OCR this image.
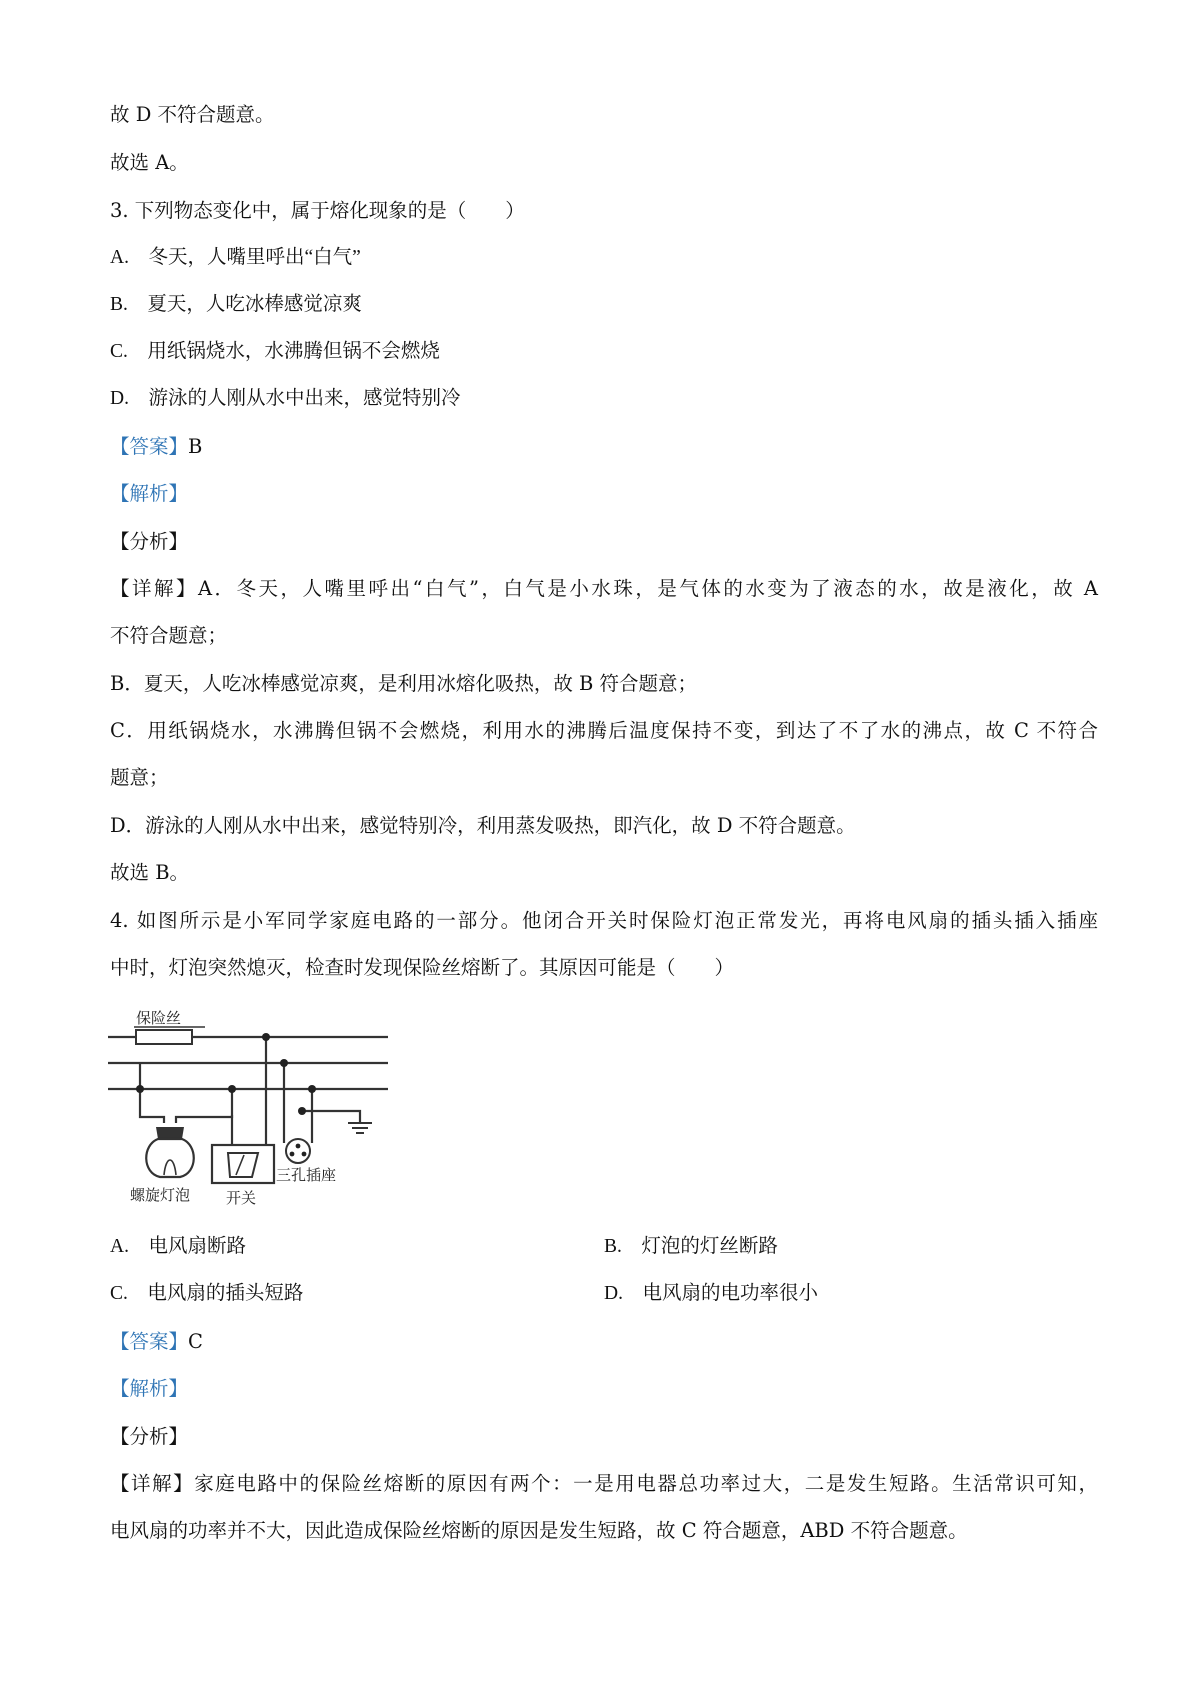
故 D 不符合题意。
故选 A。
3. 下列物态变化中，属于熔化现象的是（　　）
A.　冬天，人嘴里呼出“白气”
B.　夏天，人吃冰棒感觉凉爽
C.　用纸锅烧水，水沸腾但锅不会燃烧
D.　游泳的人刚从水中出来，感觉特别冷
【答案】B
【解析】
【分析】
【详解】A．冬天，人嘴里呼出“白气”，白气是小水珠，是气体的水变为了液态的水，故是液化，故 A
不符合题意；
B．夏天，人吃冰棒感觉凉爽，是利用冰熔化吸热，故 B 符合题意；
C．用纸锅烧水，水沸腾但锅不会燃烧，利用水的沸腾后温度保持不变，到达了不了水的沸点，故 C 不符合
题意；
D．游泳的人刚从水中出来，感觉特别冷，利用蒸发吸热，即汽化，故 D 不符合题意。
故选 B。
4. 如图所示是小军同学家庭电路的一部分。他闭合开关时保险灯泡正常发光，再将电风扇的插头插入插座
中时，灯泡突然熄灭，检查时发现保险丝熔断了。其原因可能是（　　）
保险丝
螺旋灯泡 开关
三孔插座
A.　电风扇断路	B.　灯泡的灯丝断路
C.　电风扇的插头短路	D.　电风扇的电功率很小
【答案】C
【解析】
【分析】
【详解】家庭电路中的保险丝熔断的原因有两个：一是用电器总功率过大，二是发生短路。生活常识可知，
电风扇的功率并不大，因此造成保险丝熔断的原因是发生短路，故 C 符合题意，ABD 不符合题意。
